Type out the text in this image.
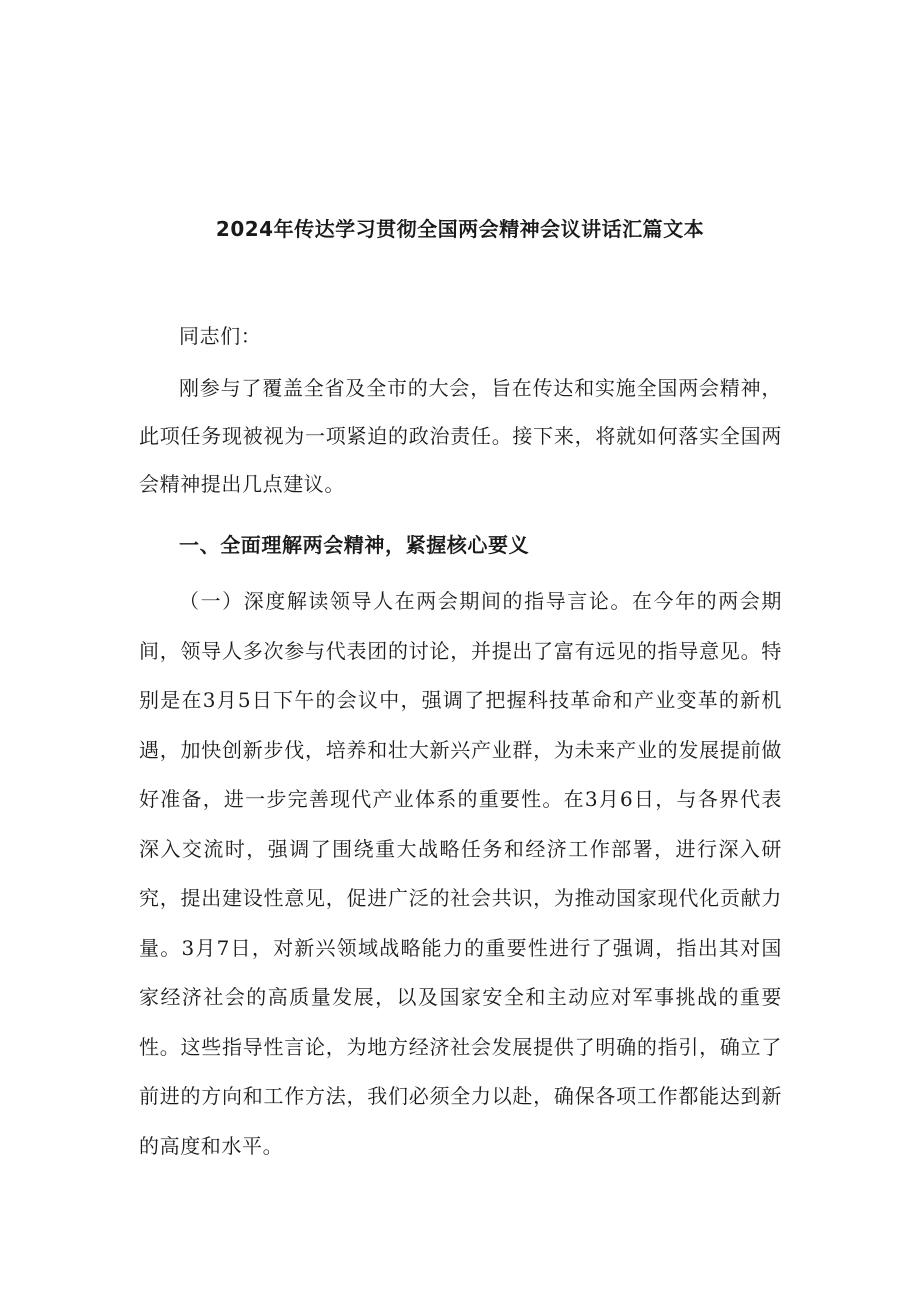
2024年传达学习贯彻全国两会精神会议讲话汇篇文本

同志们：

刚参与了覆盖全省及全市的大会，旨在传达和实施全国两会精神，此项任务现被视为一项紧迫的政治责任。接下来，将就如何落实全国两会精神提出几点建议。

一、全面理解两会精神，紧握核心要义

（一）深度解读领导人在两会期间的指导言论。在今年的两会期间，领导人多次参与代表团的讨论，并提出了富有远见的指导意见。特别是在3月5日下午的会议中，强调了把握科技革命和产业变革的新机遇，加快创新步伐，培养和壮大新兴产业群，为未来产业的发展提前做好准备，进一步完善现代产业体系的重要性。在3月6日，与各界代表深入交流时，强调了围绕重大战略任务和经济工作部署，进行深入研究，提出建设性意见，促进广泛的社会共识，为推动国家现代化贡献力量。3月7日，对新兴领域战略能力的重要性进行了强调，指出其对国家经济社会的高质量发展，以及国家安全和主动应对军事挑战的重要性。这些指导性言论，为地方经济社会发展提供了明确的指引，确立了前进的方向和工作方法，我们必须全力以赴，确保各项工作都能达到新的高度和水平。
